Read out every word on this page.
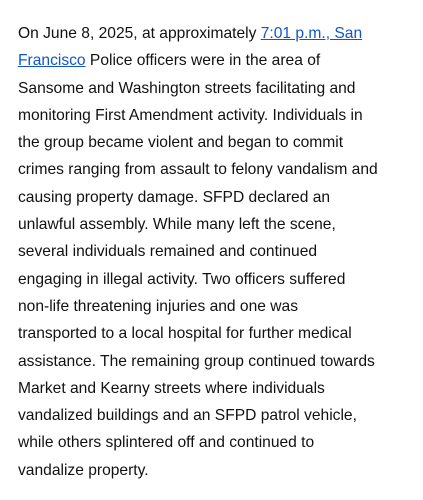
On June 8, 2025, at approximately 7:01 p.m., San
Francisco Police officers were in the area of
Sansome and Washington streets facilitating and
monitoring First Amendment activity. Individuals in
the group became violent and began to commit
crimes ranging from assault to felony vandalism and
causing property damage. SFPD declared an
unlawful assembly. While many left the scene,
several individuals remained and continued
engaging in illegal activity. Two officers suffered
non-life threatening injuries and one was
transported to a local hospital for further medical
assistance. The remaining group continued towards
Market and Kearny streets where individuals
vandalized buildings and an SFPD patrol vehicle,
while others splintered off and continued to
vandalize property.
